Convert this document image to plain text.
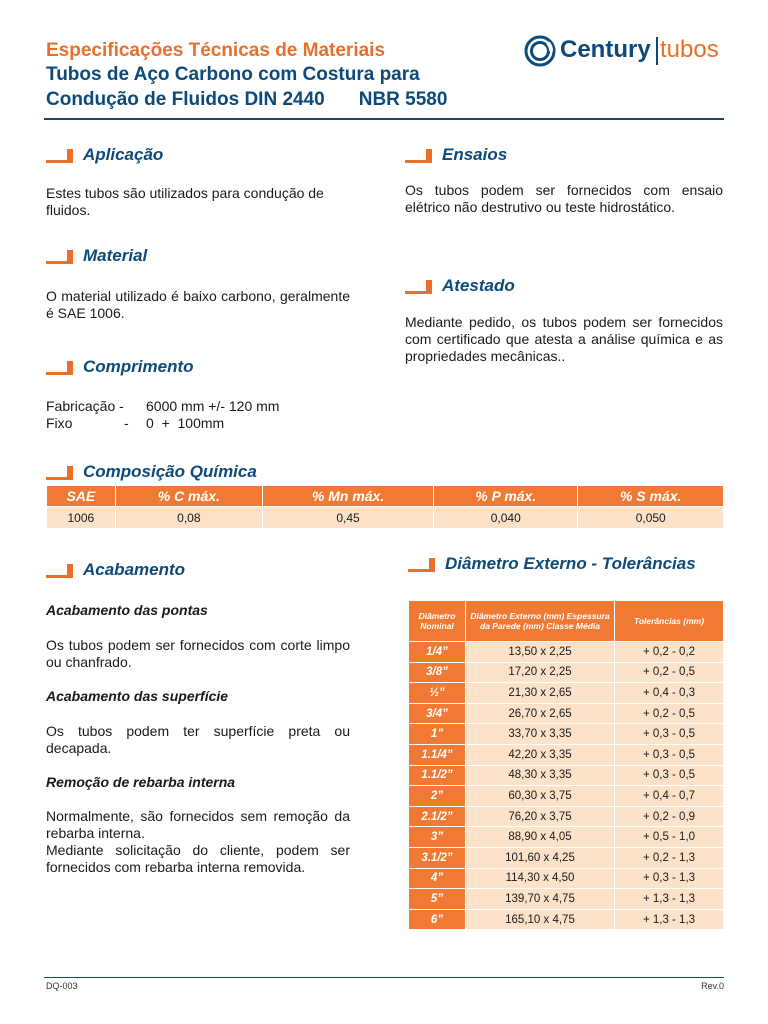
Especificações Técnicas de Materiais
Tubos de Aço Carbono com Costura para
Condução de Fluidos DIN 2440 NBR 5580
Century tubos
Aplicação
Estes tubos são utilizados para condução de fluidos.
Material
O material utilizado é baixo carbono, geralmente é SAE 1006.
Comprimento
Fabricação - 6000 mm +/- 120 mm
Fixo	- 0  +  100mm
Ensaios
Os tubos podem ser fornecidos com ensaio elétrico não destrutivo ou teste hidrostático.
Atestado
Mediante pedido, os tubos podem ser fornecidos com certificado que atesta a análise química e as propriedades mecânicas..
Composição Química
SAE	% C máx.	% Mn máx.	% P máx.	% S máx.
1006	0,08	0,45	0,040	0,050
Acabamento
Acabamento das pontas
Os tubos podem ser fornecidos com corte limpo ou chanfrado.
Acabamento das superfície
Os tubos podem ter superfície preta ou decapada.
Remoção de rebarba interna
Normalmente, são fornecidos sem remoção da rebarba interna.
Mediante solicitação do cliente, podem ser fornecidos com rebarba interna removida.
Diâmetro Externo - Tolerâncias
Diâmetro Nominal	Diâmetro Externo (mm) Espessura da Parede (mm) Classe Média	Tolerâncias (mm)
1/4”	13,50 x 2,25	+ 0,2 - 0,2
3/8”	17,20 x 2,25	+ 0,2 - 0,5
½”	21,30 x 2,65	+ 0,4 - 0,3
3/4”	26,70 x 2,65	+ 0,2 - 0,5
1”	33,70 x 3,35	+ 0,3 - 0,5
1.1/4”	42,20 x 3,35	+ 0,3 - 0,5
1.1/2”	48,30 x 3,35	+ 0,3 - 0,5
2”	60,30 x 3,75	+ 0,4 - 0,7
2.1/2”	76,20 x 3,75	+ 0,2 - 0,9
3”	88,90 x 4,05	+ 0,5 - 1,0
3.1/2”	101,60 x 4,25	+ 0,2 - 1,3
4”	114,30 x 4,50	+ 0,3 - 1,3
5”	139,70 x 4,75	+ 1,3 - 1,3
6”	165,10 x 4,75	+ 1,3 - 1,3
DQ-003	Rev.0
